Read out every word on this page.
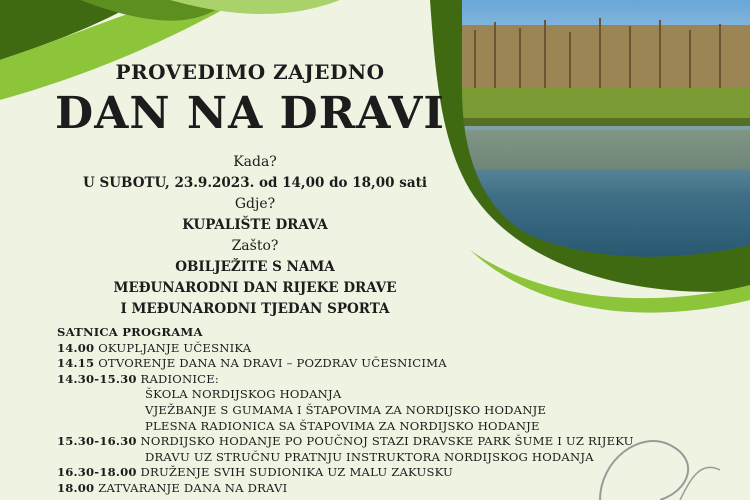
PROVEDIMO ZAJEDNO
DAN NA DRAVI
Kada?
U SUBOTU, 23.9.2023. od 14,00 do 18,00 sati
Gdje?
KUPALIŠTE DRAVA
Zašto?
OBILJEŽITE S NAMA
MEĐUNARODNI DAN RIJEKE DRAVE
I MEĐUNARODNI TJEDAN SPORTA
SATNICA PROGRAMA
14.00 OKUPLJANJE UČESNIKA
14.15 OTVORENJE DANA NA DRAVI – POZDRAV UČESNICIMA
14.30-15.30 RADIONICE:
ŠKOLA NORDIJSKOG HODANJA
VJEŽBANJE S GUMAMA I ŠTAPOVIMA ZA NORDIJSKO HODANJE
PLESNA RADIONICA SA ŠTAPOVIMA ZA NORDIJSKO HODANJE
15.30-16.30 NORDIJSKO HODANJE PO POUČNOJ STAZI DRAVSKE PARK ŠUME I UZ RIJEKU
DRAVU UZ STRUČNU PRATNJU INSTRUKTORA NORDIJSKOG HODANJA
16.30-18.00 DRUŽENJE SVIH SUDIONIKA UZ MALU ZAKUSKU
18.00 ZATVARANJE DANA NA DRAVI
